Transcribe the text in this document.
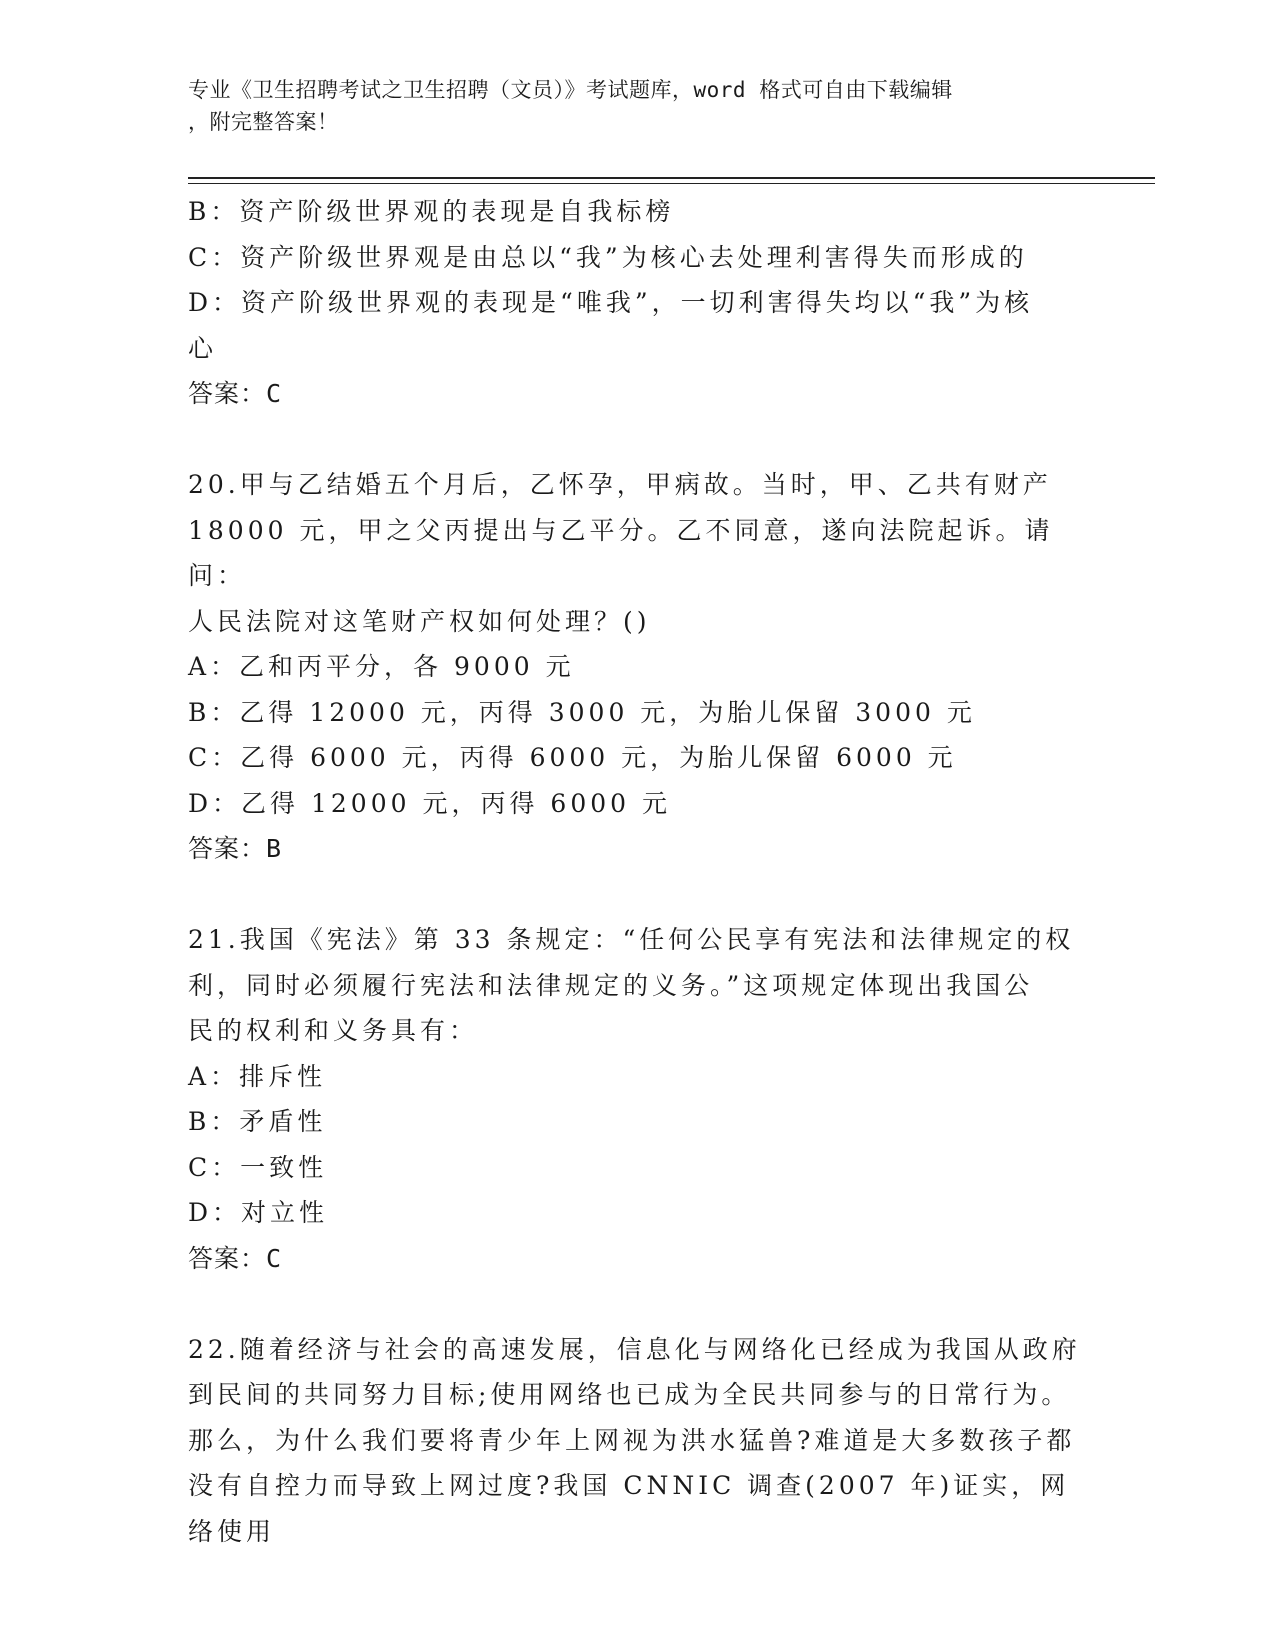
专业《卫生招聘考试之卫生招聘（文员）》考试题库，word 格式可自由下载编辑
，附完整答案！
B：资产阶级世界观的表现是自我标榜
C：资产阶级世界观是由总以“我”为核心去处理利害得失而形成的
D：资产阶级世界观的表现是“唯我”，一切利害得失均以“我”为核
心
答案：C
20.甲与乙结婚五个月后，乙怀孕，甲病故。当时，甲、乙共有财产
18000 元，甲之父丙提出与乙平分。乙不同意，遂向法院起诉。请问：
人民法院对这笔财产权如何处理？()
A：乙和丙平分，各 9000 元
B：乙得 12000 元，丙得 3000 元，为胎儿保留 3000 元
C：乙得 6000 元，丙得 6000 元，为胎儿保留 6000 元
D：乙得 12000 元，丙得 6000 元
答案：B
21.我国《宪法》第 33 条规定：“任何公民享有宪法和法律规定的权
利，同时必须履行宪法和法律规定的义务。”这项规定体现出我国公
民的权利和义务具有：
A：排斥性
B：矛盾性
C：一致性
D：对立性
答案：C
22.随着经济与社会的高速发展，信息化与网络化已经成为我国从政府
到民间的共同努力目标;使用网络也已成为全民共同参与的日常行为。
那么，为什么我们要将青少年上网视为洪水猛兽?难道是大多数孩子都
没有自控力而导致上网过度?我国 CNNIC 调查(2007 年)证实，网络使用
